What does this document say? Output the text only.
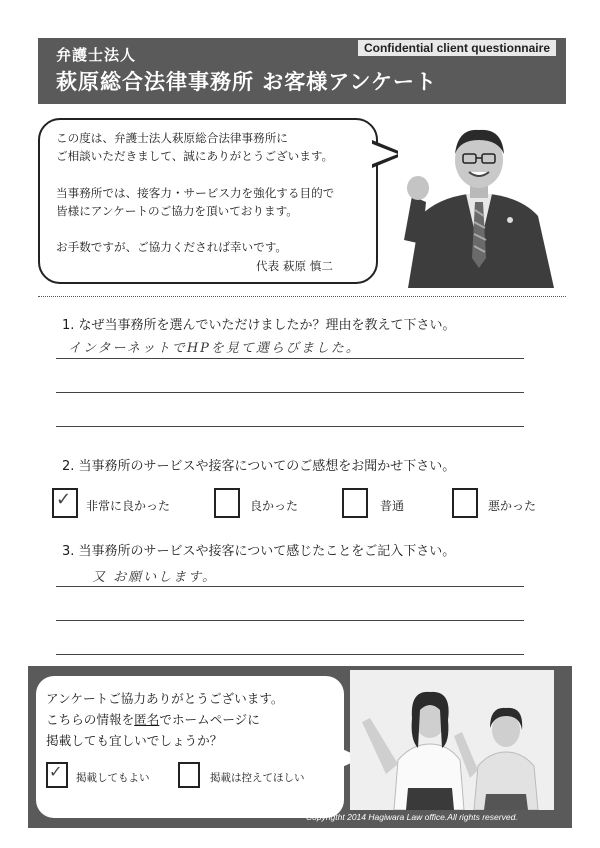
弁護士法人	Confidential client questionnaire
萩原総合法律事務所 お客様アンケート
この度は、弁護士法人萩原総合法律事務所に
ご相談いただきまして、誠にありがとうございます。
当事務所では、接客力・サービス力を強化する目的で
皆様にアンケートのご協力を頂いております。
お手数ですが、ご協力くだされば幸いです。
代表 萩原 慎二
1. なぜ当事務所を選んでいただけましたか？理由を教えて下さい。
インターネットでHPを見て選らびました。
2. 当事務所のサービスや接客についてのご感想をお聞かせ下さい。
✓ 非常に良かった	良かった	普通	悪かった
3. 当事務所のサービスや接客について感じたことをご記入下さい。
又 お願いします。
アンケートご協力ありがとうございます。
こちらの情報を匿名でホームページに
掲載しても宜しいでしょうか？
✓ 掲載してもよい	掲載は控えてほしい
Copyrigtht 2014 Hagiwara Law office.All rights reserved.
